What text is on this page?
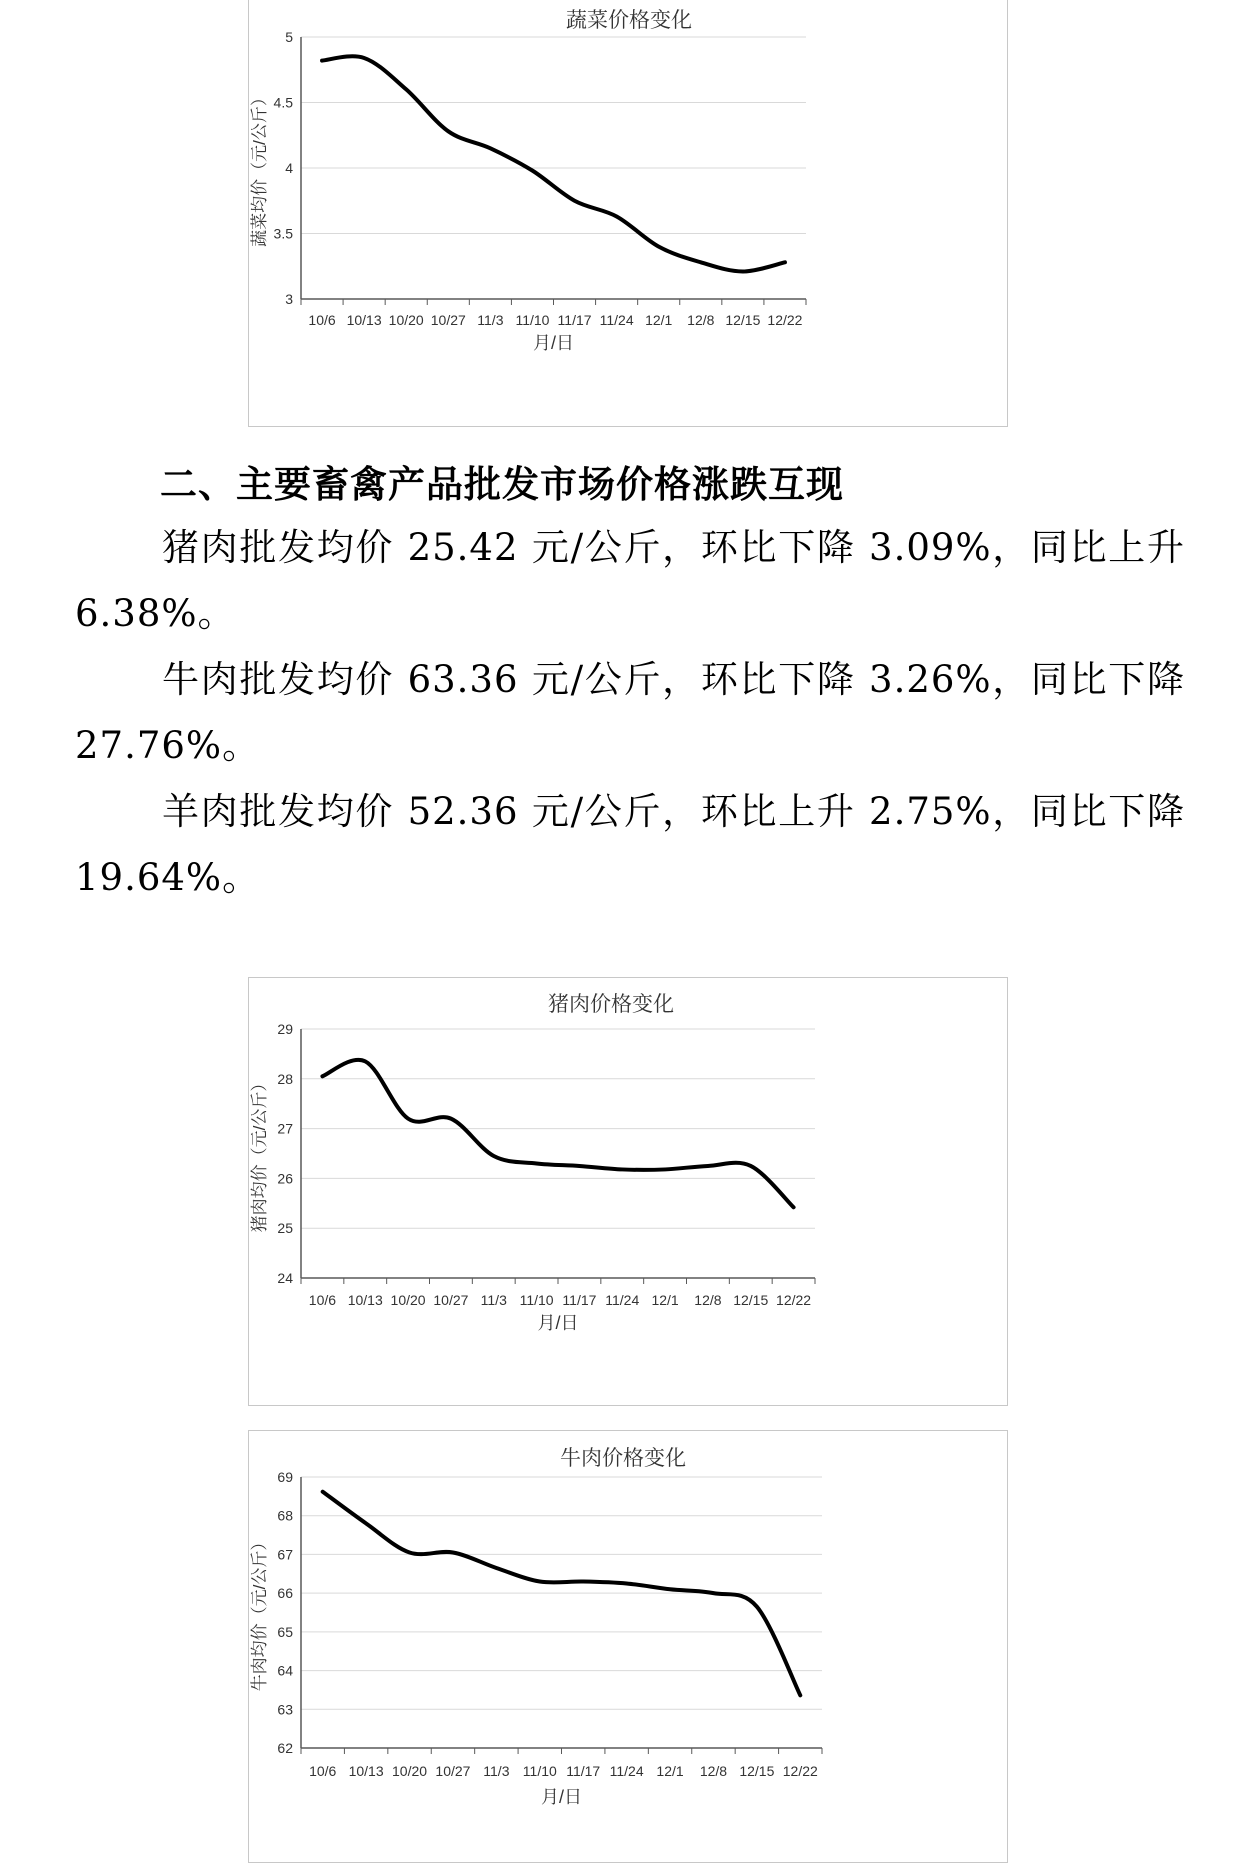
蔬菜价格变化
3
3.5
4
4.5
5
10/6 10/13 10/20 10/27 11/3 11/10 11/17 11/24 12/1 12/8 12/15 12/22
蔬菜均价（元/公斤）
月/日
二、主要畜禽产品批发市场价格涨跌互现

猪肉批发均价 25.42 元/公斤，环比下降 3.09%，同比上升 6.38%。

牛肉批发均价 63.36 元/公斤，环比下降 3.26%，同比下降 27.76%。

羊肉批发均价 52.36 元/公斤，环比上升 2.75%，同比下降 19.64%。

猪肉价格变化
24
25
26
27
28
29
10/6 10/13 10/20 10/27 11/3 11/10 11/17 11/24 12/1 12/8 12/15 12/22
猪肉均价（元/公斤）
月/日
牛肉价格变化
62
63
64
65
66
67
68
69
10/6 10/13 10/20 10/27 11/3 11/10 11/17 11/24 12/1 12/8 12/15 12/22
牛肉均价（元/公斤）
月/日
